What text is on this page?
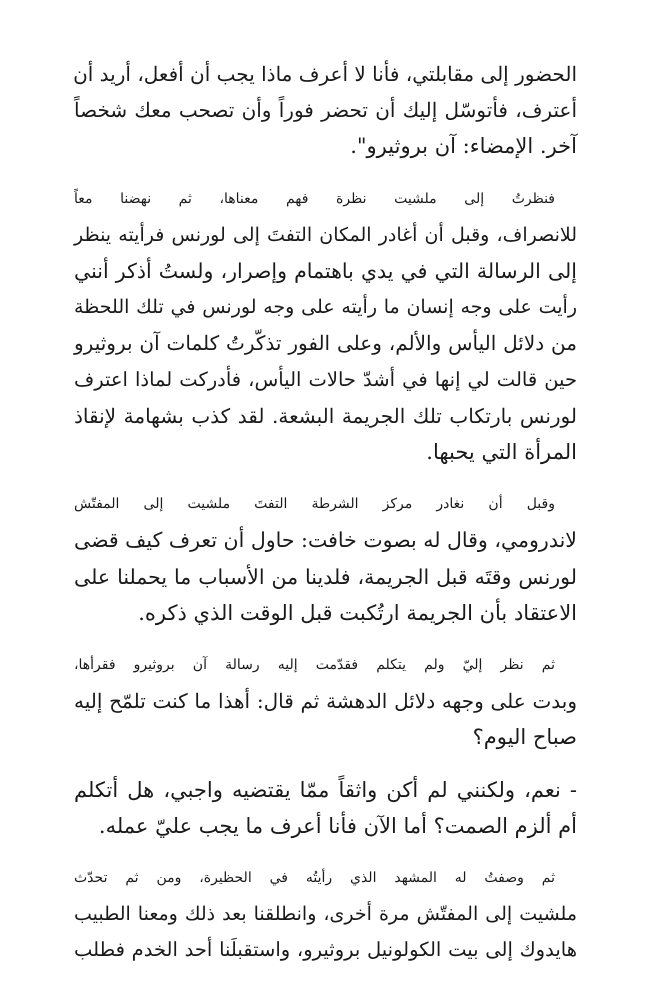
الحضور إلى مقابلتي، فأنا لا أعرف ماذا يجب أن أفعل، أريد أن
أعترف، فأتوسّل إليك أن تحضر فوراً وأن تصحب معك شخصاً
آخر. الإمضاء: آن بروثيرو".
فنظرتُ إلى ملشيت نظرة فهم معناها، ثم نهضنا معاً
للانصراف، وقبل أن أغادر المكان التفتَ إلى لورنس فرأيته ينظر
إلى الرسالة التي في يدي باهتمام وإصرار، ولستُ أذكر أنني
رأيت على وجه إنسان ما رأيته على وجه لورنس في تلك اللحظة
من دلائل اليأس والألم، وعلى الفور تذكّرتُ كلمات آن بروثيرو
حين قالت لي إنها في أشدّ حالات اليأس، فأدركت لماذا اعترف
لورنس بارتكاب تلك الجريمة البشعة. لقد كذب بشهامة لإنقاذ
المرأة التي يحبها.
وقبل أن نغادر مركز الشرطة التفتَ ملشيت إلى المفتّش
لاندرومي، وقال له بصوت خافت: حاول أن تعرف كيف قضى
لورنس وقتَه قبل الجريمة، فلدينا من الأسباب ما يحملنا على
الاعتقاد بأن الجريمة ارتُكبت قبل الوقت الذي ذكره.
ثم نظر إليّ ولم يتكلم فقدّمت إليه رسالة آن بروثيرو فقرأها،
وبدت على وجهه دلائل الدهشة ثم قال: أهذا ما كنت تلمّح إليه
صباح اليوم؟
- نعم، ولكنني لم أكن واثقاً ممّا يقتضيه واجبي، هل أتكلم
أم ألزم الصمت؟ أما الآن فأنا أعرف ما يجب عليّ عمله.
ثم وصفتُ له المشهد الذي رأيتُه في الحظيرة، ومن ثم تحدّث
ملشيت إلى المفتّش مرة أخرى، وانطلقنا بعد ذلك ومعنا الطبيب
هايدوك إلى بيت الكولونيل بروثيرو، واستقبلَنا أحد الخدم فطلب
